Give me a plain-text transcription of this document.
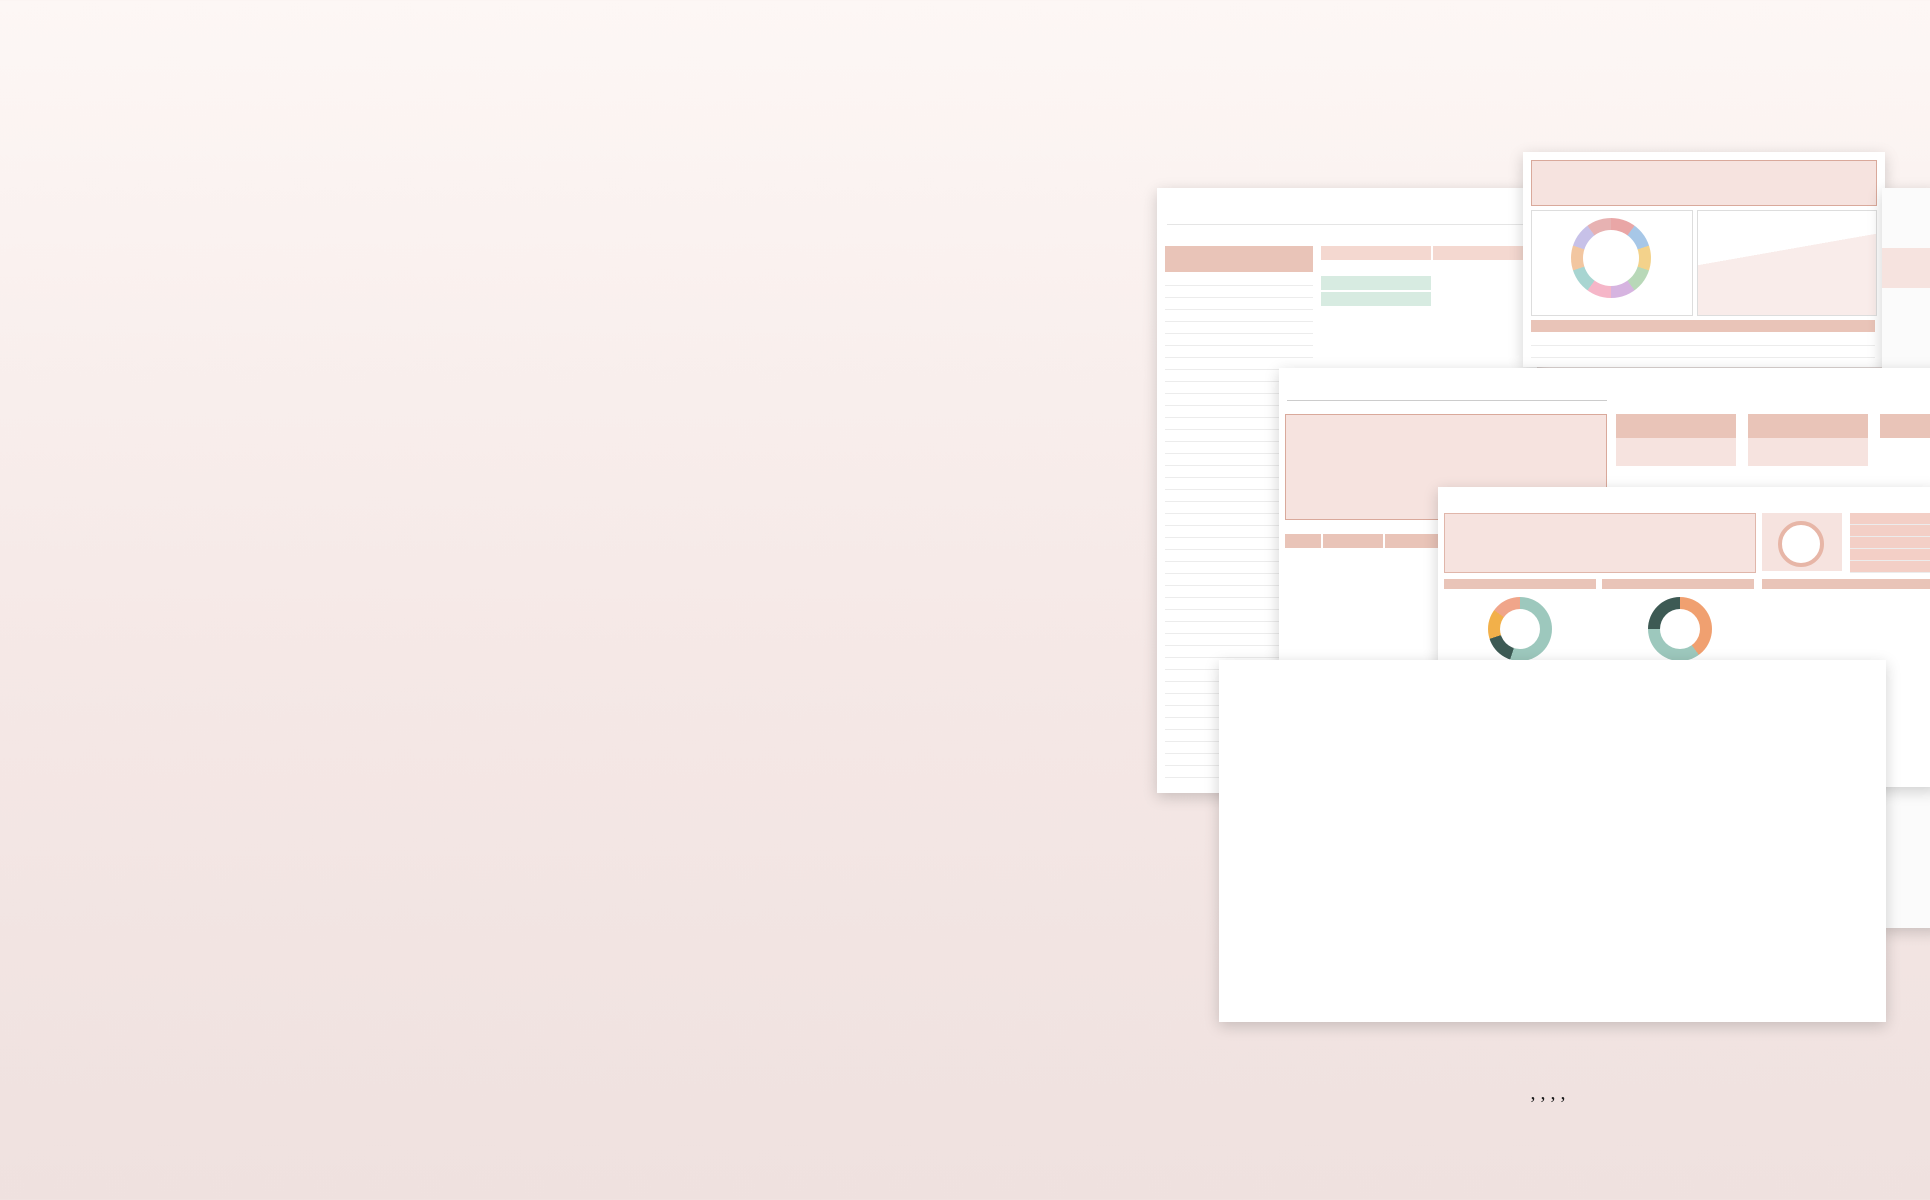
, , , ,
